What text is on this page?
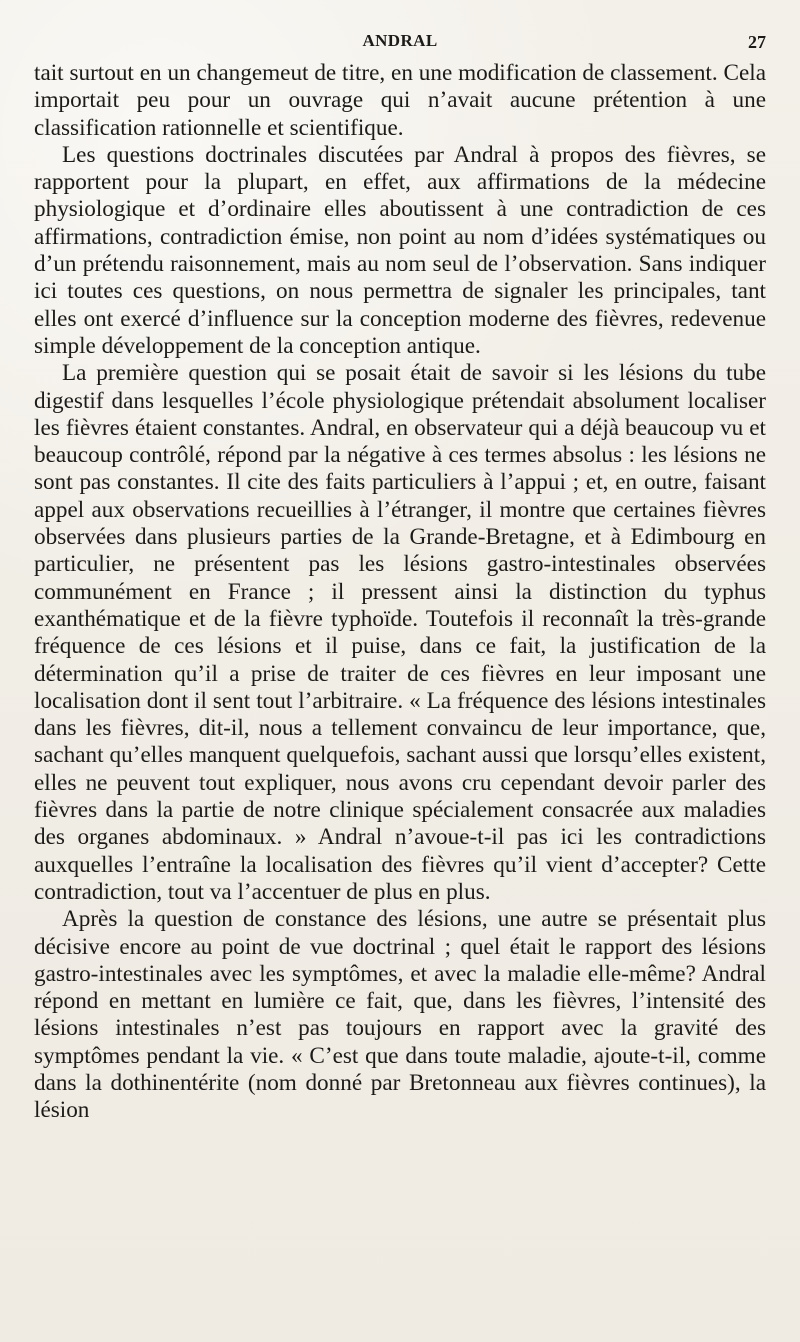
ANDRAL	27

tait surtout en un changemeut de titre, en une modification de classement. Cela importait peu pour un ouvrage qui n’avait aucune prétention à une classification rationnelle et scientifique.

Les questions doctrinales discutées par Andral à propos des fièvres, se rapportent pour la plupart, en effet, aux affirmations de la médecine physiologique et d’ordinaire elles aboutissent à une contradiction de ces affirmations, contradiction émise, non point au nom d’idées systématiques ou d’un prétendu raisonnement, mais au nom seul de l’observation. Sans indiquer ici toutes ces questions, on nous permettra de signaler les principales, tant elles ont exercé d’influence sur la conception moderne des fièvres, redevenue simple développement de la conception antique.

La première question qui se posait était de savoir si les lésions du tube digestif dans lesquelles l’école physiologique prétendait absolument localiser les fièvres étaient constantes. Andral, en observateur qui a déjà beaucoup vu et beaucoup contrôlé, répond par la négative à ces termes absolus : les lésions ne sont pas constantes. Il cite des faits particuliers à l’appui ; et, en outre, faisant appel aux observations recueillies à l’étranger, il montre que certaines fièvres observées dans plusieurs parties de la Grande-Bretagne, et à Edimbourg en particulier, ne présentent pas les lésions gastro-intestinales observées communément en France ; il pressent ainsi la distinction du typhus exanthématique et de la fièvre typhoïde. Toutefois il reconnaît la très-grande fréquence de ces lésions et il puise, dans ce fait, la justification de la détermination qu’il a prise de traiter de ces fièvres en leur imposant une localisation dont il sent tout l’arbitraire. « La fréquence des lésions intestinales dans les fièvres, dit-il, nous a tellement convaincu de leur importance, que, sachant qu’elles manquent quelquefois, sachant aussi que lorsqu’elles existent, elles ne peuvent tout expliquer, nous avons cru cependant devoir parler des fièvres dans la partie de notre clinique spécialement consacrée aux maladies des organes abdominaux. » Andral n’avoue-t-il pas ici les contradictions auxquelles l’entraîne la localisation des fièvres qu’il vient d’accepter? Cette contradiction, tout va l’accentuer de plus en plus.

Après la question de constance des lésions, une autre se présentait plus décisive encore au point de vue doctrinal ; quel était le rapport des lésions gastro-intestinales avec les symptômes, et avec la maladie elle-même? Andral répond en mettant en lumière ce fait, que, dans les fièvres, l’intensité des lésions intestinales n’est pas toujours en rapport avec la gravité des symptômes pendant la vie. « C’est que dans toute maladie, ajoute-t-il, comme dans la dothinentérite (nom donné par Bretonneau aux fièvres continues), la lésion
